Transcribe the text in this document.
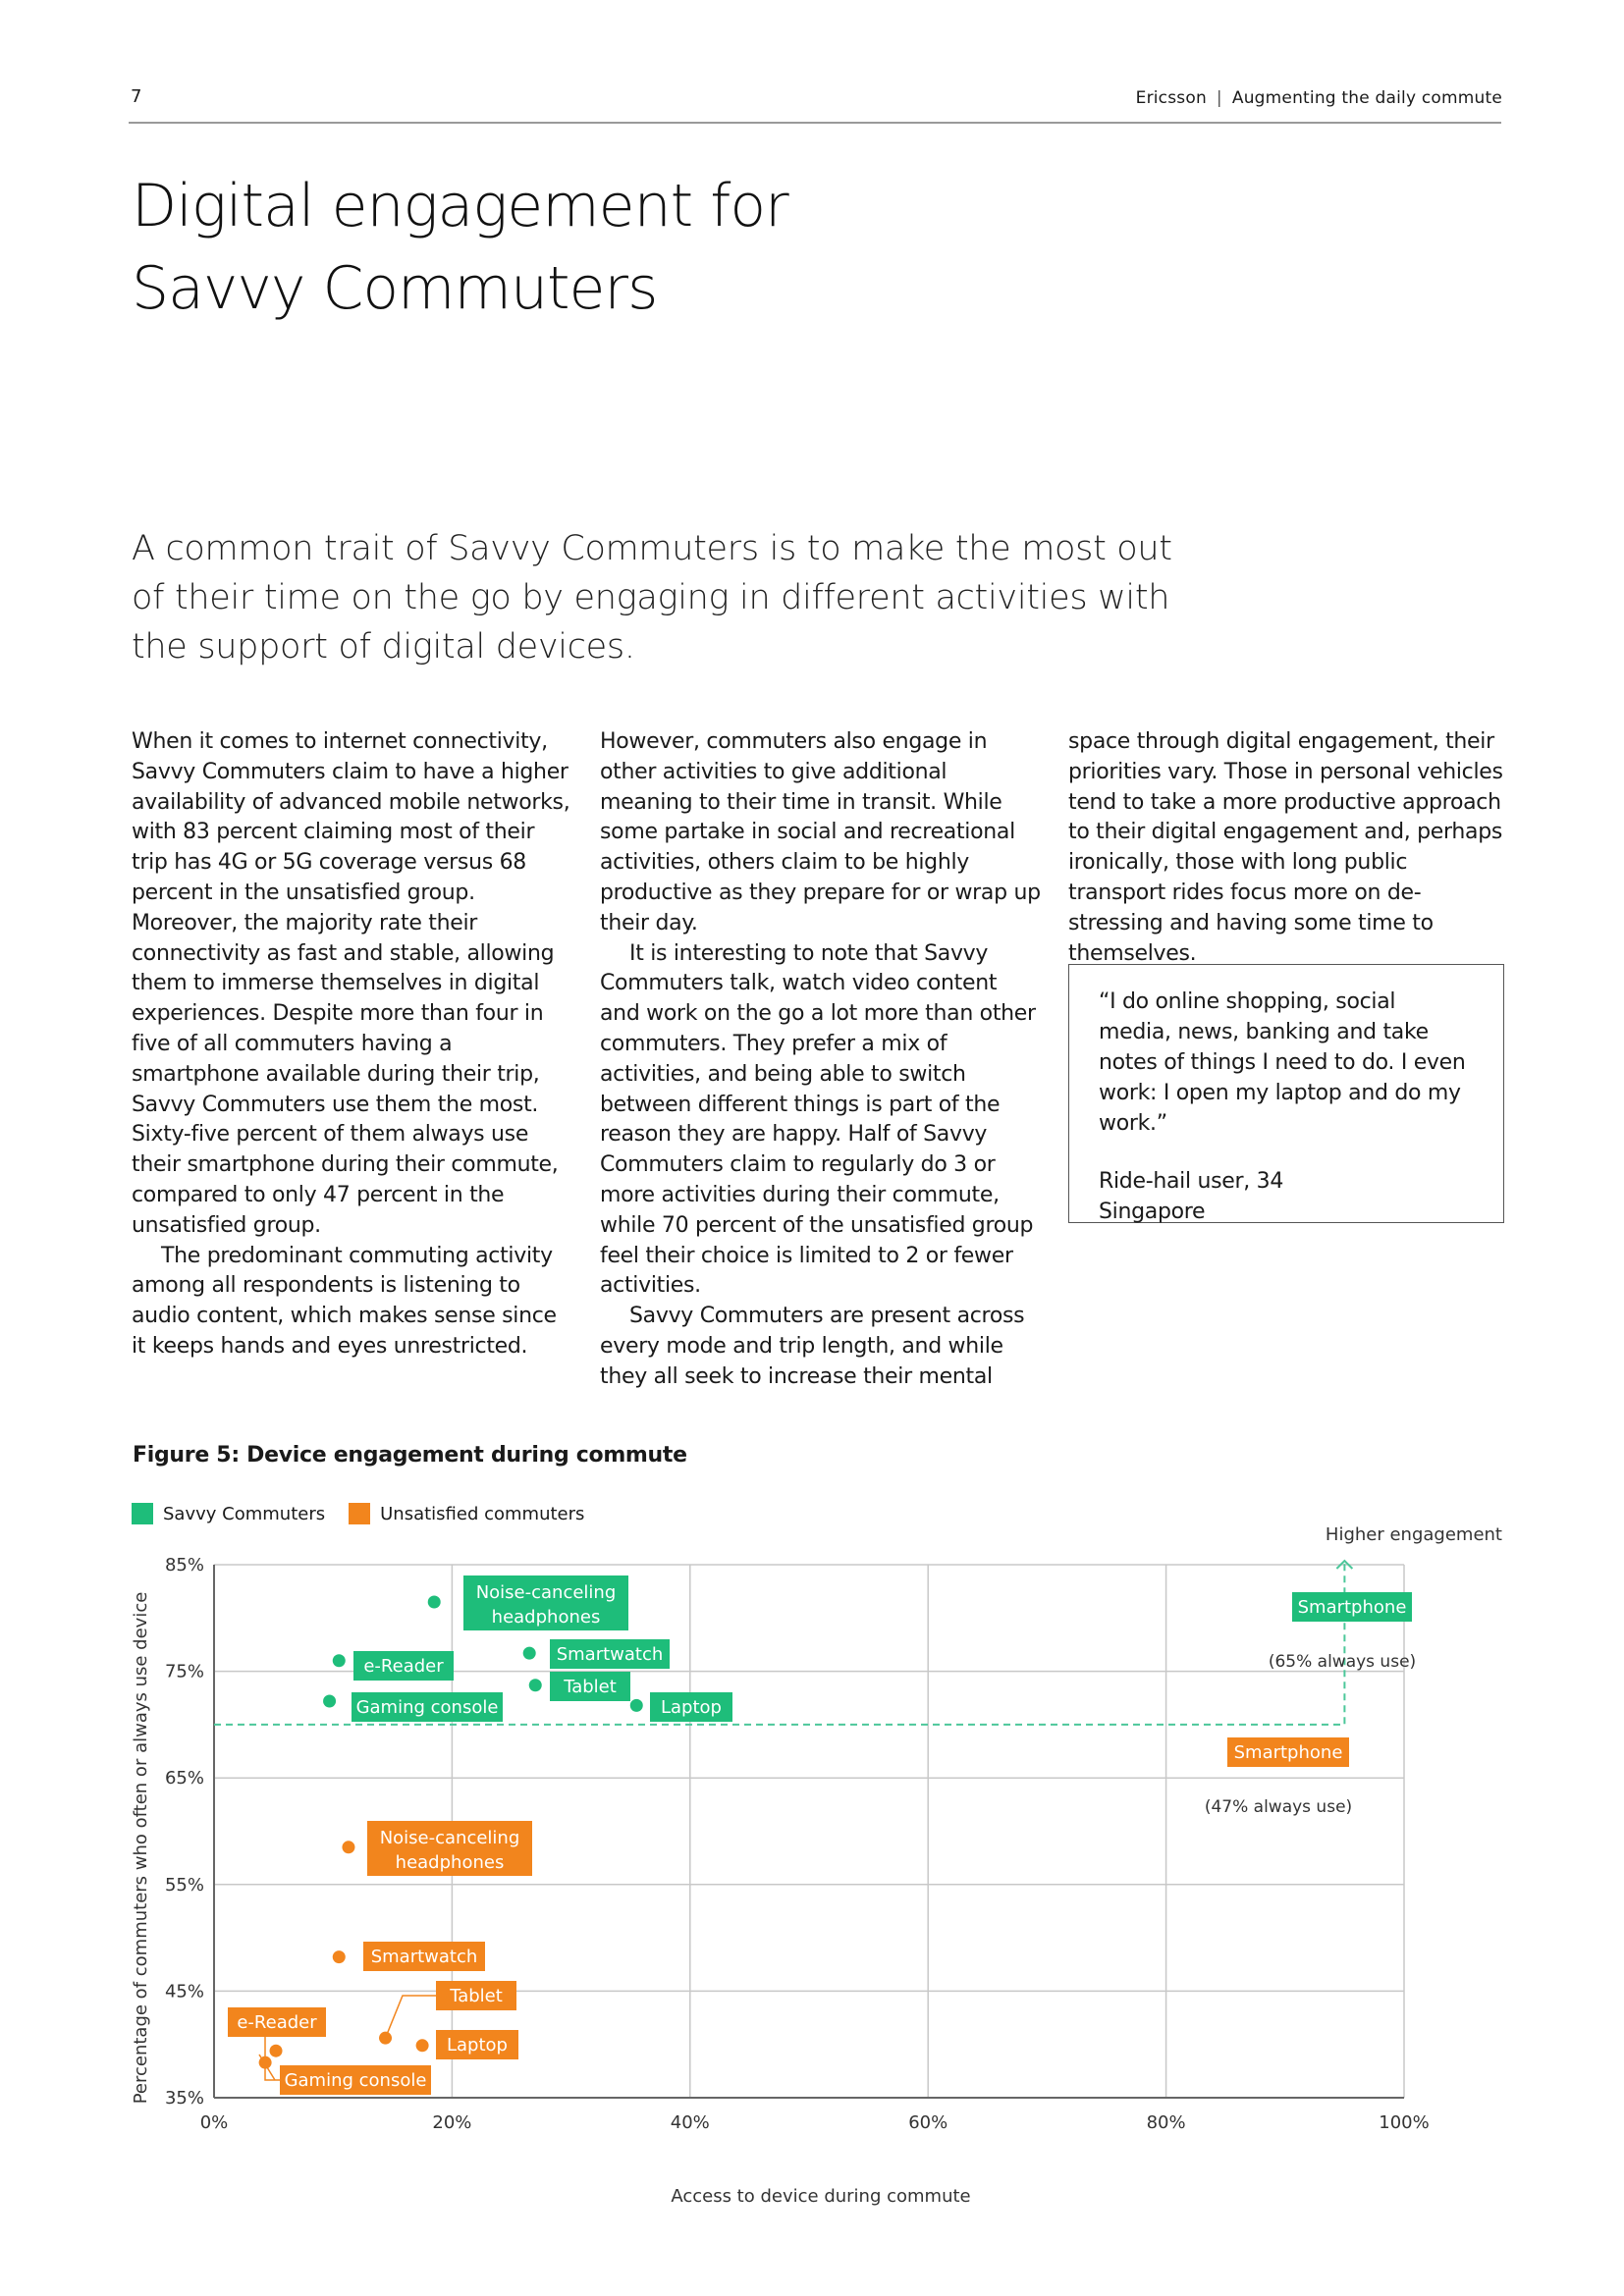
7	Ericsson | Augmenting the daily commute
Digital engagement for
Savvy Commuters
A common trait of Savvy Commuters is to make the most out of their time on the go by engaging in different activities with the support of digital devices.

When it comes to internet connectivity, Savvy Commuters claim to have a higher availability of advanced mobile networks, with 83 percent claiming most of their trip has 4G or 5G coverage versus 68 percent in the unsatisfied group. Moreover, the majority rate their connectivity as fast and stable, allowing them to immerse themselves in digital experiences. Despite more than four in five of all commuters having a smartphone available during their trip, Savvy Commuters use them the most. Sixty-five percent of them always use their smartphone during their commute, compared to only 47 percent in the unsatisfied group.

The predominant commuting activity among all respondents is listening to audio content, which makes sense since it keeps hands and eyes unrestricted.

However, commuters also engage in other activities to give additional meaning to their time in transit. While some partake in social and recreational activities, others claim to be highly productive as they prepare for or wrap up their day.

It is interesting to note that Savvy Commuters talk, watch video content and work on the go a lot more than other commuters. They prefer a mix of activities, and being able to switch between different things is part of the reason they are happy. Half of Savvy Commuters claim to regularly do 3 or more activities during their commute, while 70 percent of the unsatisfied group feel their choice is limited to 2 or fewer activities.

Savvy Commuters are present across every mode and trip length, and while they all seek to increase their mental

space through digital engagement, their priorities vary. Those in personal vehicles tend to take a more productive approach to their digital engagement and, perhaps ironically, those with long public transport rides focus more on de-stressing and having some time to themselves.

“I do online shopping, social media, news, banking and take notes of things I need to do. I even work: I open my laptop and do my work.”
Ride-hail user, 34
Singapore
Figure 5: Device engagement during commute
Savvy Commuters	Unsatisfied commuters
0%	20%	40%	60%	80%	100%
85%
75%
65%
55%
45%
35%
Access to device during commute
Percentage of commuters who often or always use device
Higher engagement
Noise-canceling
headphones
e-Reader
Gaming console
Smartwatch
Tablet
Laptop
Smartphone
(65% always use)
Noise-canceling
headphones
Smartwatch
Tablet
Laptop
e-Reader
Gaming console
Smartphone
(47% always use)
